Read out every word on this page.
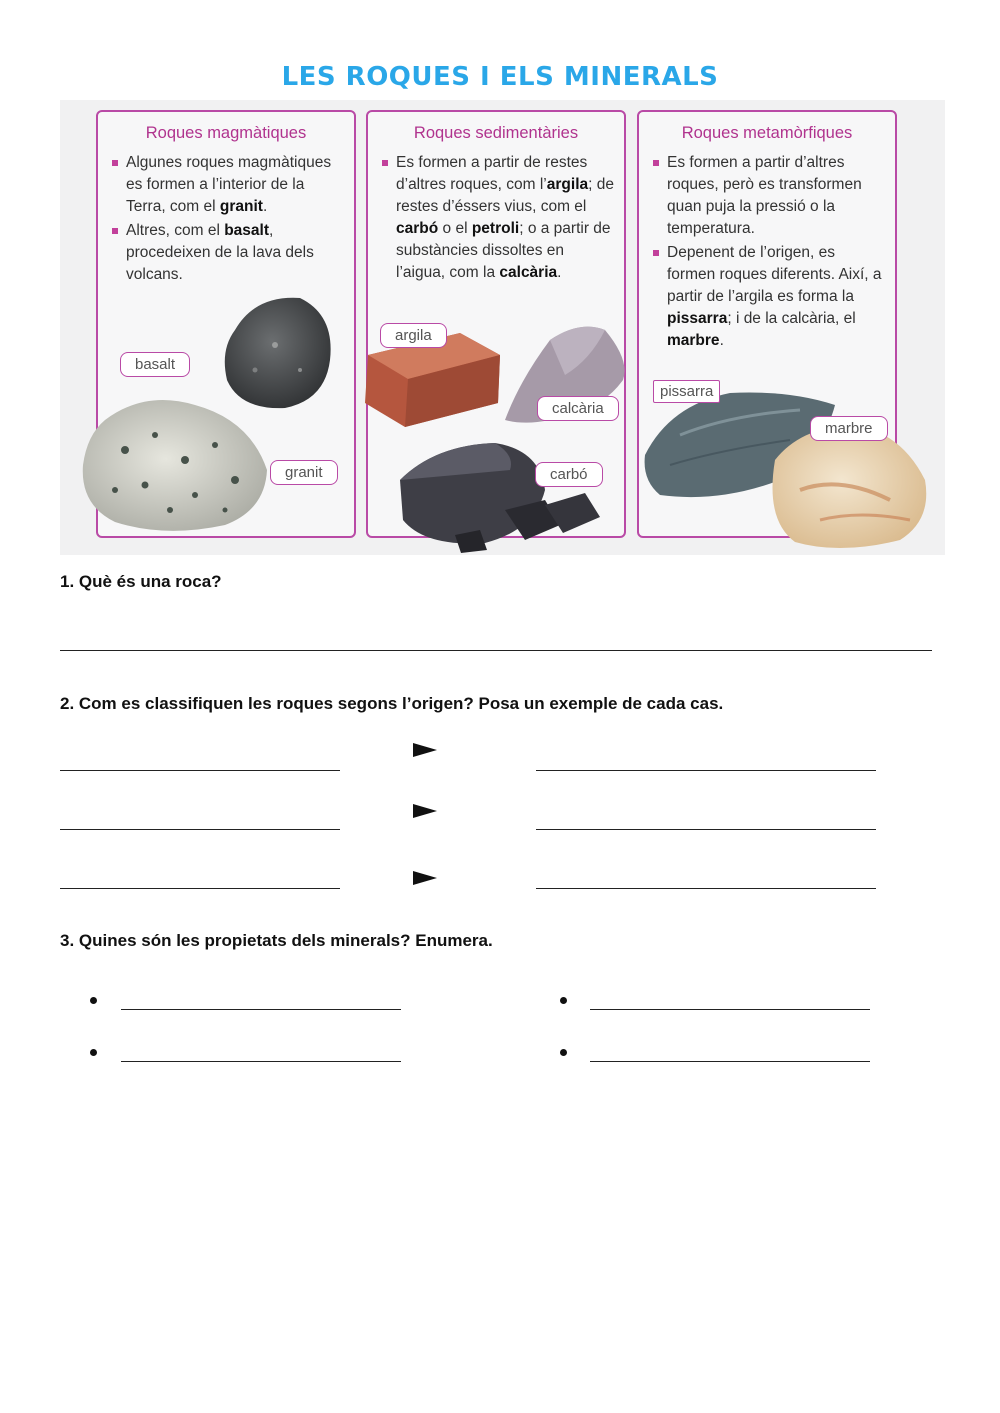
LES ROQUES I ELS MINERALS
Roques magmàtiques
Algunes roques magmàtiques es formen a l’interior de la Terra, com el granit.
Altres, com el basalt, procedeixen de la lava dels volcans.
Roques sedimentàries
Es formen a partir de restes d’altres roques, com l’argila; de restes d’éssers vius, com el carbó o el petroli; o a partir de substàncies dissoltes en l’aigua, com la calcària.
Roques metamòrfiques
Es formen a partir d’altres roques, però es transformen quan puja la pressió o la temperatura.
Depenent de l’origen, es formen roques diferents. Així, a partir de l’argila es forma la pissarra; i de la calcària, el marbre.
basalt
granit
argila
calcària
carbó
pissarra
marbre
1. Què és una roca?
2. Com es classifiquen les roques segons l’origen? Posa un exemple de cada cas.
3. Quines són les propietats dels minerals? Enumera.
